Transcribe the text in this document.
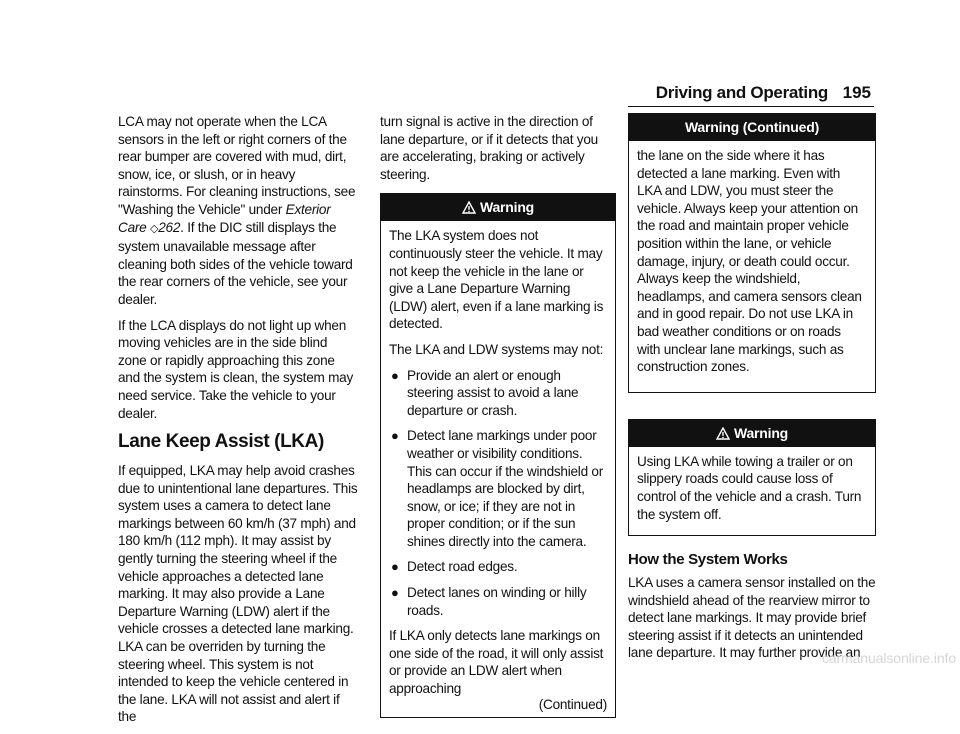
Driving and Operating 195

LCA may not operate when the LCA sensors in the left or right corners of the rear bumper are covered with mud, dirt, snow, ice, or slush, or in heavy rainstorms. For cleaning instructions, see "Washing the Vehicle" under Exterior Care ◇262. If the DIC still displays the system unavailable message after cleaning both sides of the vehicle toward the rear corners of the vehicle, see your dealer.

If the LCA displays do not light up when moving vehicles are in the side blind zone or rapidly approaching this zone and the system is clean, the system may need service. Take the vehicle to your dealer.

Lane Keep Assist (LKA)

If equipped, LKA may help avoid crashes due to unintentional lane departures. This system uses a camera to detect lane markings between 60 km/h (37 mph) and 180 km/h (112 mph). It may assist by gently turning the steering wheel if the vehicle approaches a detected lane marking. It may also provide a Lane Departure Warning (LDW) alert if the vehicle crosses a detected lane marking. LKA can be overriden by turning the steering wheel. This system is not intended to keep the vehicle centered in the lane. LKA will not assist and alert if the

turn signal is active in the direction of lane departure, or if it detects that you are accelerating, braking or actively steering.

Warning

The LKA system does not continuously steer the vehicle. It may not keep the vehicle in the lane or give a Lane Departure Warning (LDW) alert, even if a lane marking is detected.

The LKA and LDW systems may not:

● Provide an alert or enough steering assist to avoid a lane departure or crash.
● Detect lane markings under poor weather or visibility conditions. This can occur if the windshield or headlamps are blocked by dirt, snow, or ice; if they are not in proper condition; or if the sun shines directly into the camera.
● Detect road edges.
● Detect lanes on winding or hilly roads.

If LKA only detects lane markings on one side of the road, it will only assist or provide an LDW alert when approaching

(Continued)
Warning (Continued)

the lane on the side where it has detected a lane marking. Even with LKA and LDW, you must steer the vehicle. Always keep your attention on the road and maintain proper vehicle position within the lane, or vehicle damage, injury, or death could occur. Always keep the windshield, headlamps, and camera sensors clean and in good repair. Do not use LKA in bad weather conditions or on roads with unclear lane markings, such as construction zones.

Warning

Using LKA while towing a trailer or on slippery roads could cause loss of control of the vehicle and a crash. Turn the system off.

How the System Works

LKA uses a camera sensor installed on the windshield ahead of the rearview mirror to detect lane markings. It may provide brief steering assist if it detects an unintended lane departure. It may further provide an

carmanualsonline.info
